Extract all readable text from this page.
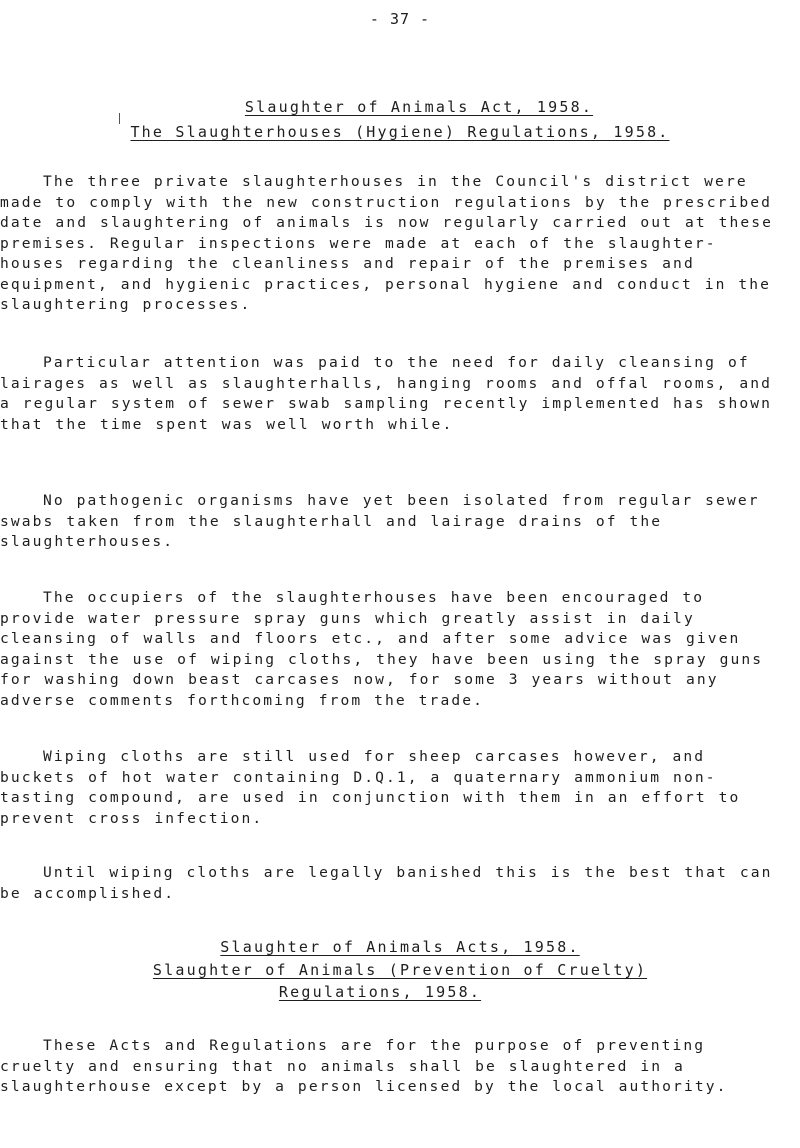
- 37 -
Slaughter of Animals Act, 1958.
The Slaughterhouses (Hygiene) Regulations, 1958.

The three private slaughterhouses in the Council's district were made to comply with the new construction regulations by the prescribed date and slaughtering of animals is now regularly carried out at these premises. Regular inspections were made at each of the slaughter-houses regarding the cleanliness and repair of the premises and equipment, and hygienic practices, personal hygiene and conduct in the slaughtering processes.

Particular attention was paid to the need for daily cleansing of lairages as well as slaughterhalls, hanging rooms and offal rooms, and a regular system of sewer swab sampling recently implemented has shown that the time spent was well worth while.

No pathogenic organisms have yet been isolated from regular sewer swabs taken from the slaughterhall and lairage drains of the slaughterhouses.

The occupiers of the slaughterhouses have been encouraged to provide water pressure spray guns which greatly assist in daily cleansing of walls and floors etc., and after some advice was given against the use of wiping cloths, they have been using the spray guns for washing down beast carcases now, for some 3 years without any adverse comments forthcoming from the trade.

Wiping cloths are still used for sheep carcases however, and buckets of hot water containing D.Q.1, a quaternary ammonium non-tasting compound, are used in conjunction with them in an effort to prevent cross infection.

Until wiping cloths are legally banished this is the best that can be accomplished.

Slaughter of Animals Acts, 1958.
Slaughter of Animals (Prevention of Cruelty)
Regulations, 1958.

These Acts and Regulations are for the purpose of preventing cruelty and ensuring that no animals shall be slaughtered in a slaughterhouse except by a person licensed by the local authority.
